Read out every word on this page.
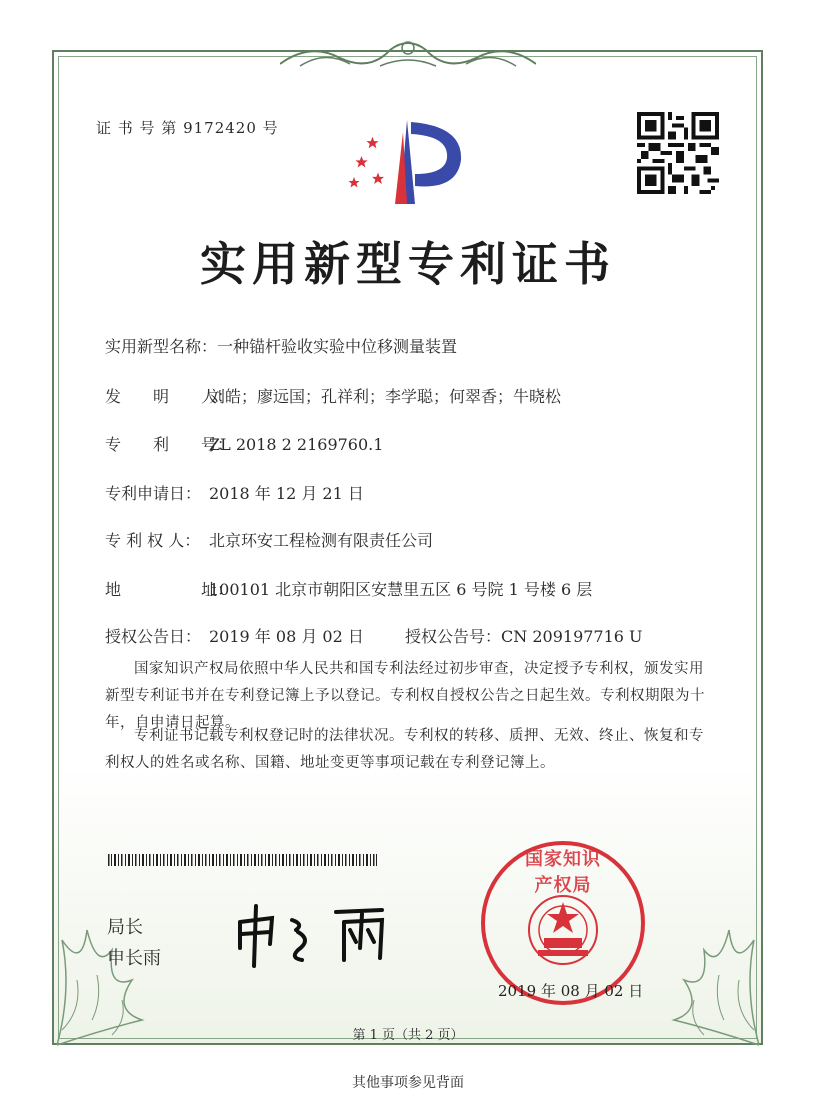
证 书 号 第 9172420 号
实用新型专利证书
实用新型名称：一种锚杆验收实验中位移测量装置
发　　明　　人：刘皓；廖远国；孔祥利；李学聪；何翠香；牛晓松
专　　利　　号：ZL 2018 2 2169760.1
专利申请日： 2018 年 12 月 21 日
专 利 权 人： 北京环安工程检测有限责任公司
地　　　　　址：100101 北京市朝阳区安慧里五区 6 号院 1 号楼 6 层
授权公告日： 2019 年 08 月 02 日	授权公告号：CN 209197716 U
国家知识产权局依照中华人民共和国专利法经过初步审查，决定授予专利权，颁发实用新型专利证书并在专利登记簿上予以登记。专利权自授权公告之日起生效。专利权期限为十年，自申请日起算。
专利证书记载专利权登记时的法律状况。专利权的转移、质押、无效、终止、恢复和专利权人的姓名或名称、国籍、地址变更等事项记载在专利登记簿上。
局长
申长雨
国家知识产权局
2019 年 08 月 02 日
第 1 页（共 2 页）
其他事项参见背面
